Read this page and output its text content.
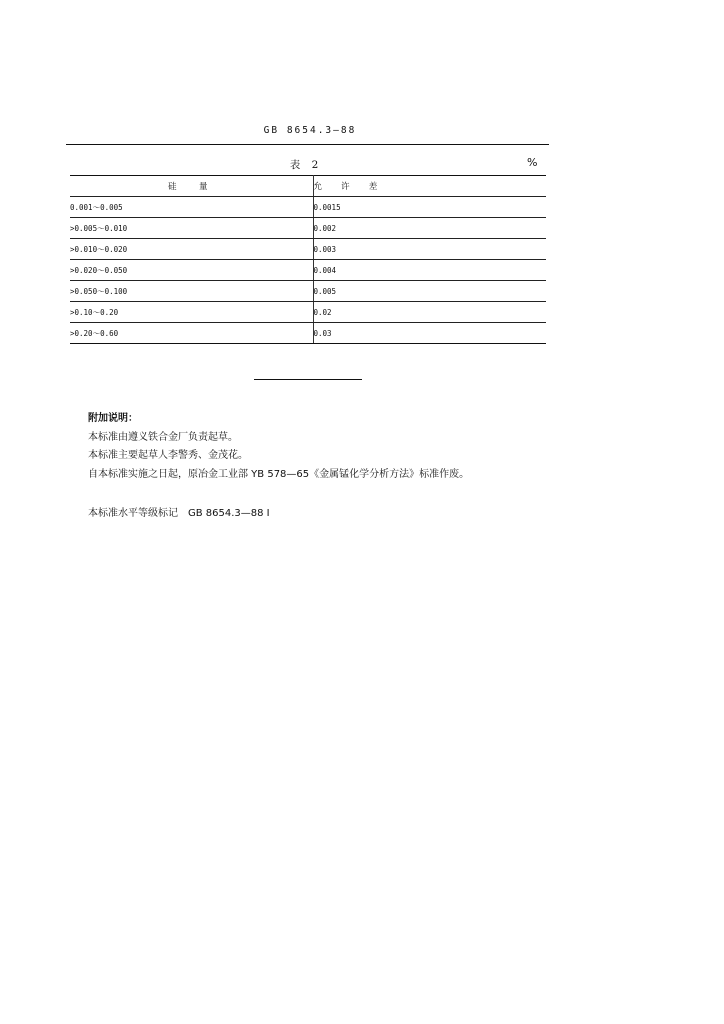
GB 8654.3—88
表 2	%
硅　量	允 许 差
0.001～0.005	0.0015
>0.005～0.010	0.002
>0.010～0.020	0.003
>0.020～0.050	0.004
>0.050～0.100	0.005
>0.10～0.20	0.02
>0.20～0.60	0.03
附加说明：
本标准由遵义铁合金厂负责起草。
本标准主要起草人李警秀、金茂花。
自本标准实施之日起，原冶金工业部 YB 578—65《金属锰化学分析方法》标准作废。
本标准水平等级标记　GB 8654.3—88 I
